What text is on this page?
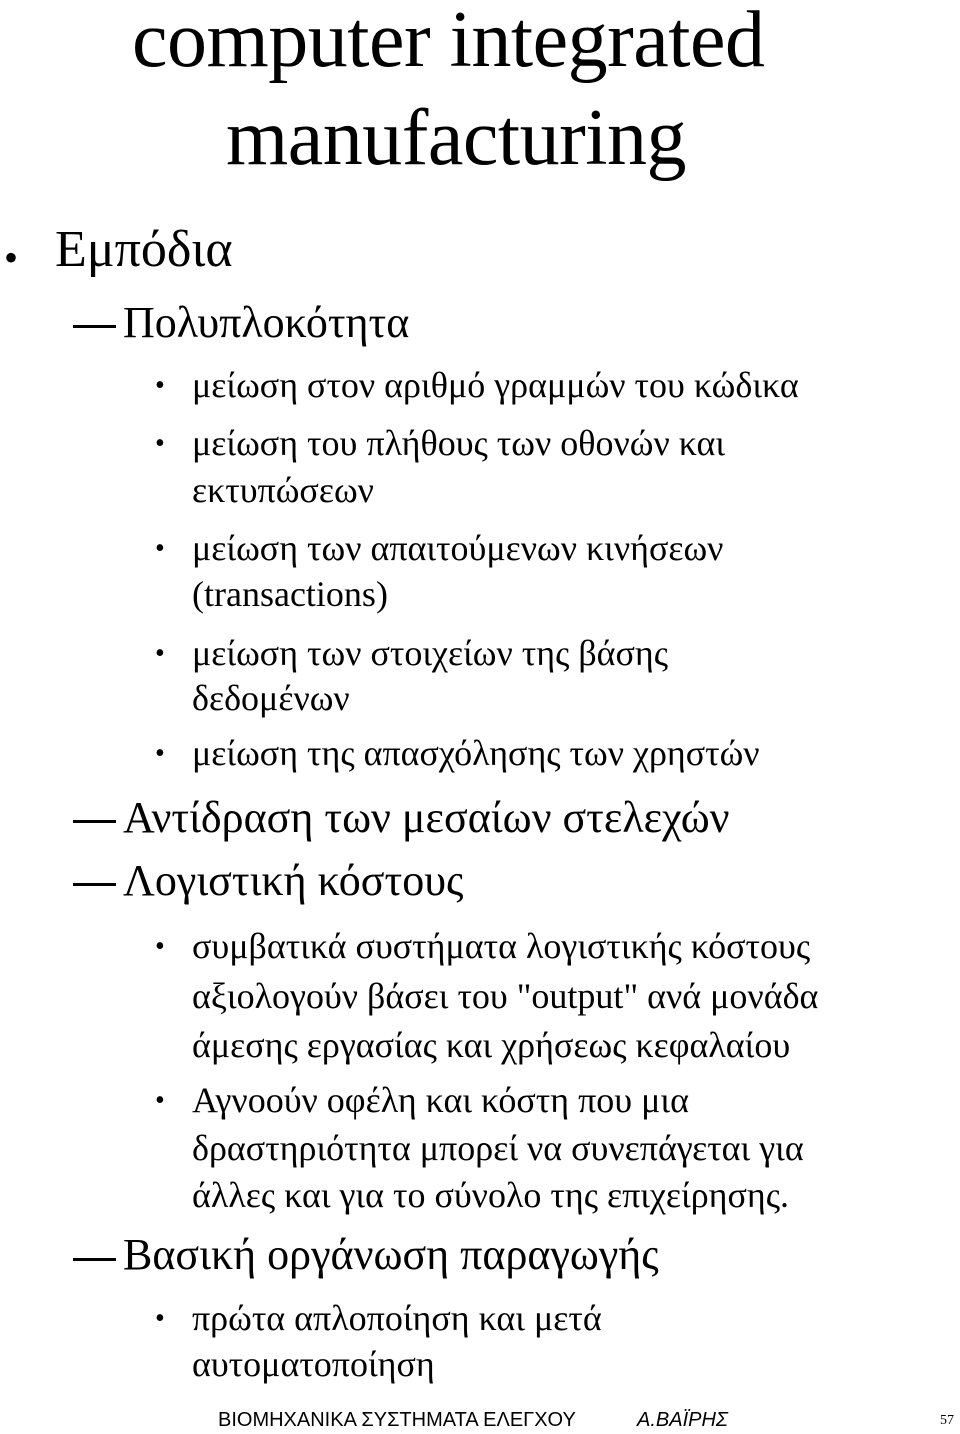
computer integrated
manufacturing
• Εμπόδια
Πολυπλοκότητα
• μείωση στον αριθμό γραμμών του κώδικα
• μείωση του πλήθους των οθονών και
εκτυπώσεων
• μείωση των απαιτούμενων κινήσεων
(transactions)
• μείωση των στοιχείων της βάσης
δεδομένων
• μείωση της απασχόλησης των χρηστών
Αντίδραση των μεσαίων στελεχών
Λογιστική κόστους
• συμβατικά συστήματα λογιστικής κόστους
αξιολογούν βάσει του "output" ανά μονάδα
άμεσης εργασίας και χρήσεως κεφαλαίου
• Αγνοούν οφέλη και κόστη που μια
δραστηριότητα μπορεί να συνεπάγεται για
άλλες και για το σύνολο της επιχείρησης.
Βασική οργάνωση παραγωγής
• πρώτα απλοποίηση και μετά
αυτοματοποίηση
ΒΙΟΜΗΧΑΝΙΚΑ ΣΥΣΤΗΜΑΤΑ ΕΛΕΓΧΟΥ	Α.ΒΑΪΡΗΣ	57
